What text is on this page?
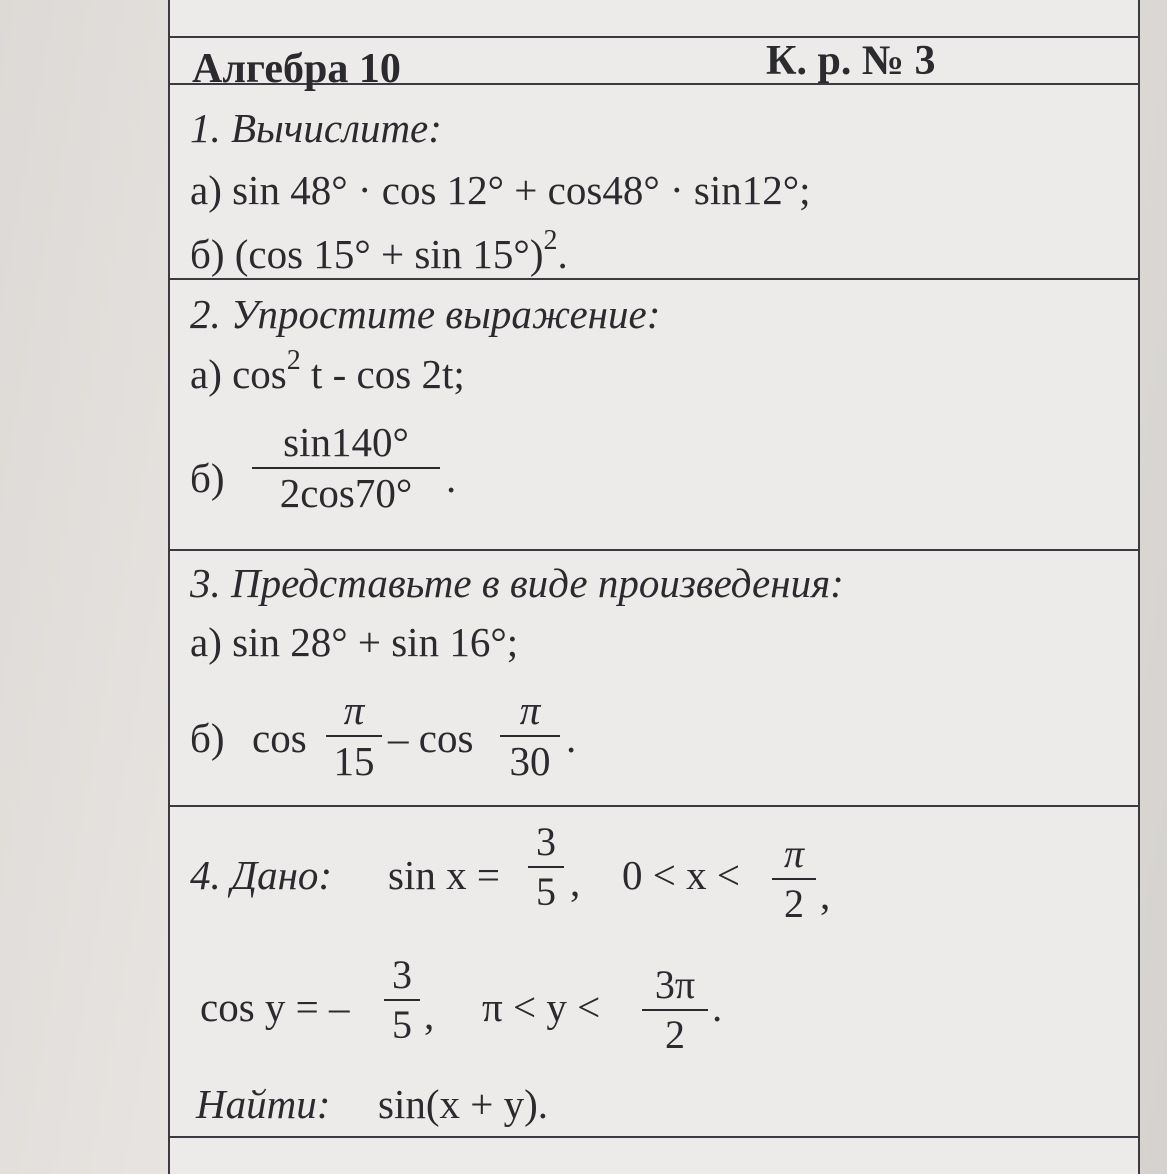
Алгебра 10	К. р. № 3
1. Вычислите:
а) sin 48° · cos 12° + cos48° · sin12°;
б) (cos 15° + sin 15°)$^2$.
2. Упростите выражение:
а) $\cos^2 t$ - cos 2t;
б)
sin140°
2cos70° .
3. Представьте в виде произведения:
а) sin 28° + sin 16°;
б) cos
π
15 – cos
π
30 .
4. Дано: sin x =
3
5 , 0 < x < π
2 ,
cos y = –
3
5 , π < y <	3π
2
.
Найти: sin(x + y).
